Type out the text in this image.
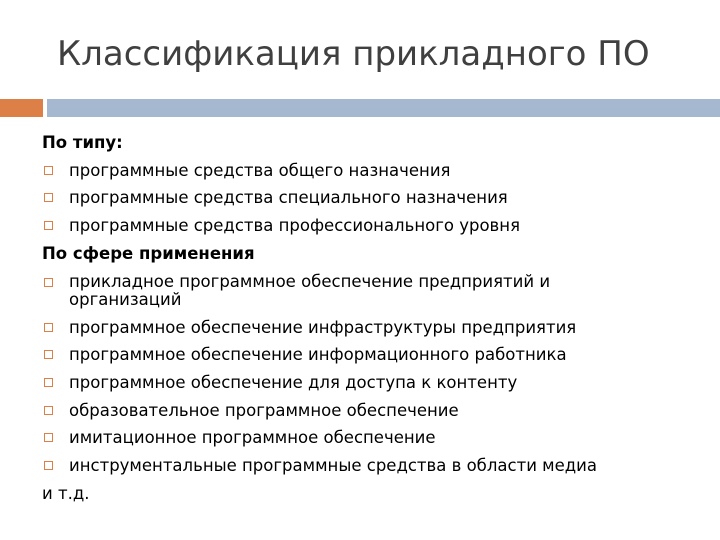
Классификация прикладного ПО
По типу:
программные средства общего назначения
программные средства специального назначения
программные средства профессионального уровня
По сфере применения
прикладное программное обеспечение предприятий и организаций
программное обеспечение инфраструктуры предприятия
программное обеспечение информационного работника
программное обеспечение для доступа к контенту
образовательное программное обеспечение
имитационное программное обеспечение
инструментальные программные средства в области медиа
и т.д.
